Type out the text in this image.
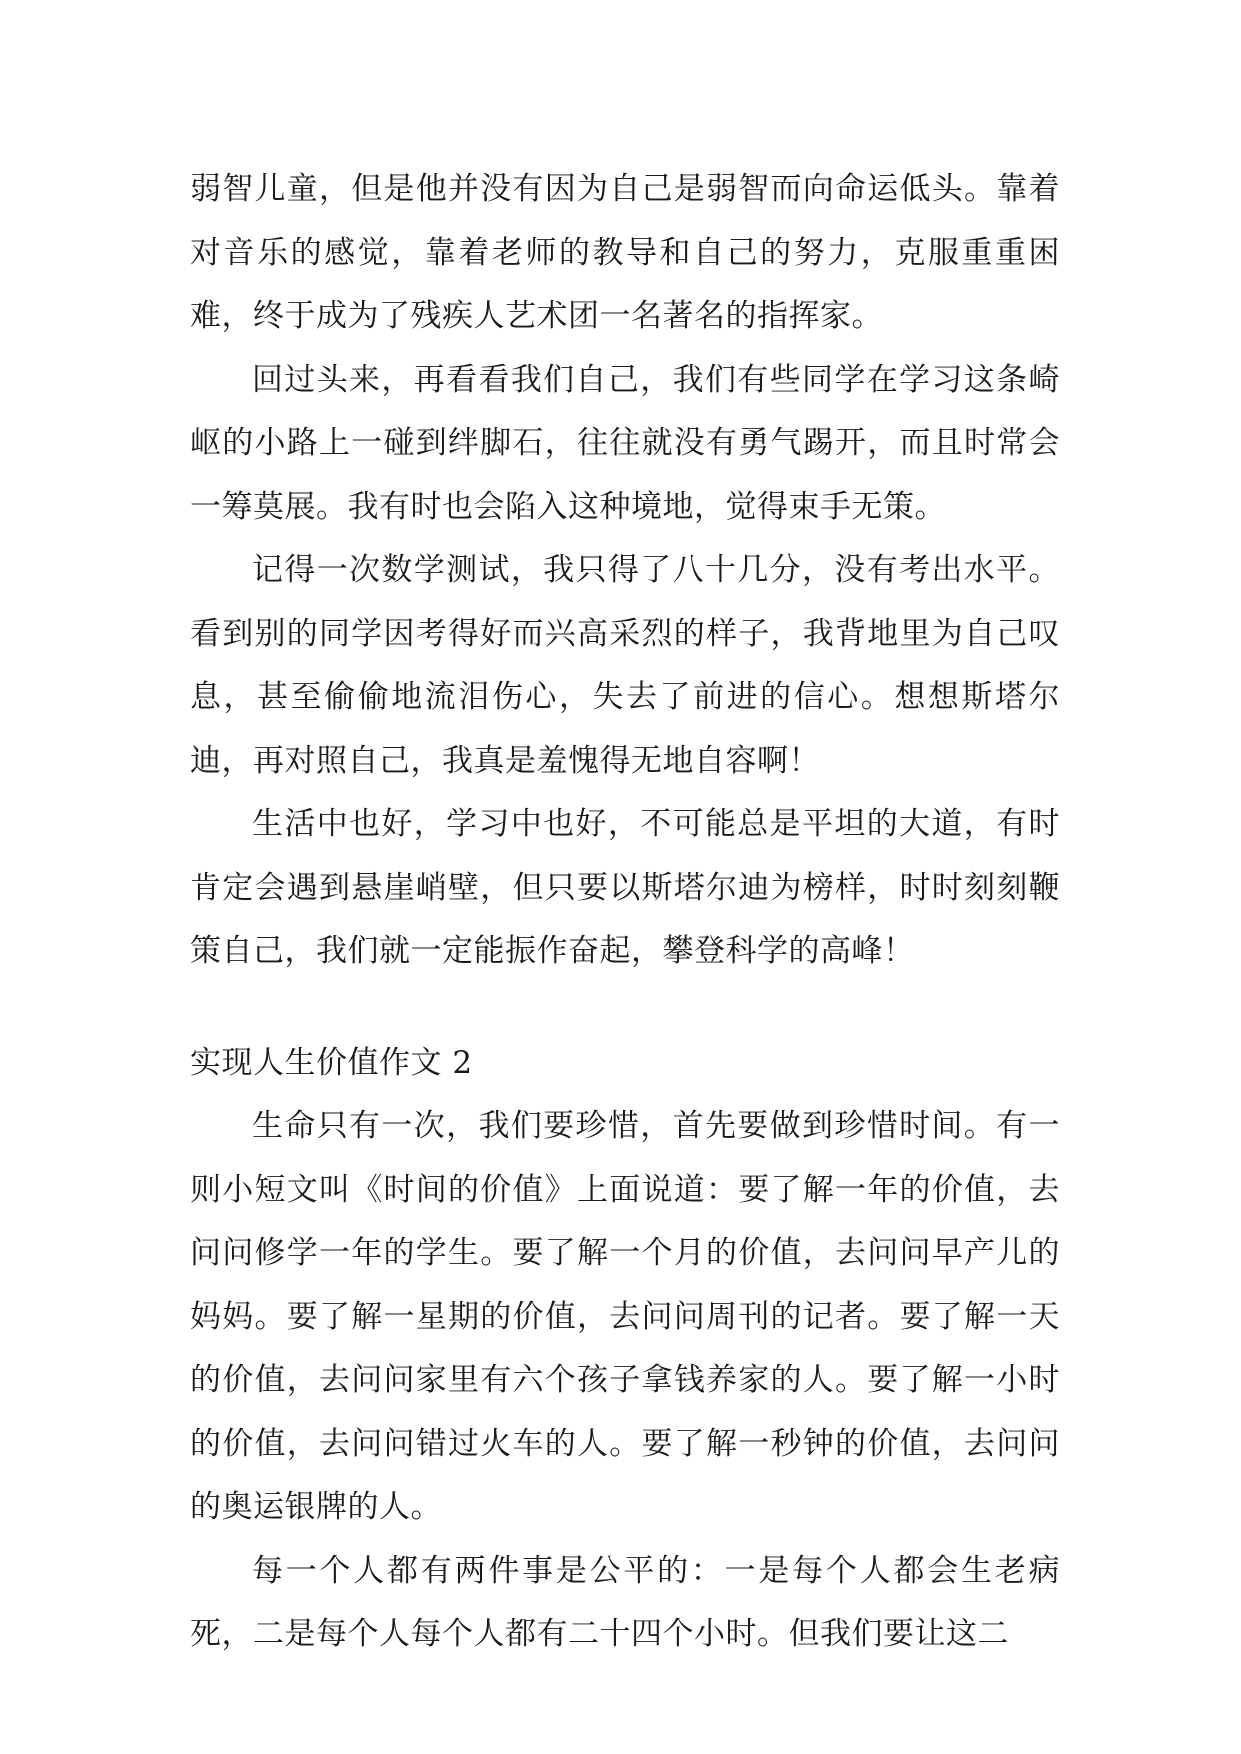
弱智儿童，但是他并没有因为自己是弱智而向命运低头。靠着对音乐的感觉，靠着老师的教导和自己的努力，克服重重困难，终于成为了残疾人艺术团一名著名的指挥家。

回过头来，再看看我们自己，我们有些同学在学习这条崎岖的小路上一碰到绊脚石，往往就没有勇气踢开，而且时常会一筹莫展。我有时也会陷入这种境地，觉得束手无策。

记得一次数学测试，我只得了八十几分，没有考出水平。看到别的同学因考得好而兴高采烈的样子，我背地里为自己叹息，甚至偷偷地流泪伤心，失去了前进的信心。想想斯塔尔迪，再对照自己，我真是羞愧得无地自容啊！

生活中也好，学习中也好，不可能总是平坦的大道，有时肯定会遇到悬崖峭壁，但只要以斯塔尔迪为榜样，时时刻刻鞭策自己，我们就一定能振作奋起，攀登科学的高峰！

实现人生价值作文 2

生命只有一次，我们要珍惜，首先要做到珍惜时间。有一则小短文叫《时间的价值》上面说道：要了解一年的价值，去问问修学一年的学生。要了解一个月的价值，去问问早产儿的妈妈。要了解一星期的价值，去问问周刊的记者。要了解一天的价值，去问问家里有六个孩子拿钱养家的人。要了解一小时的价值，去问问错过火车的人。要了解一秒钟的价值，去问问的奥运银牌的人。

每一个人都有两件事是公平的：一是每个人都会生老病死，二是每个人每个人都有二十四个小时。但我们要让这二
